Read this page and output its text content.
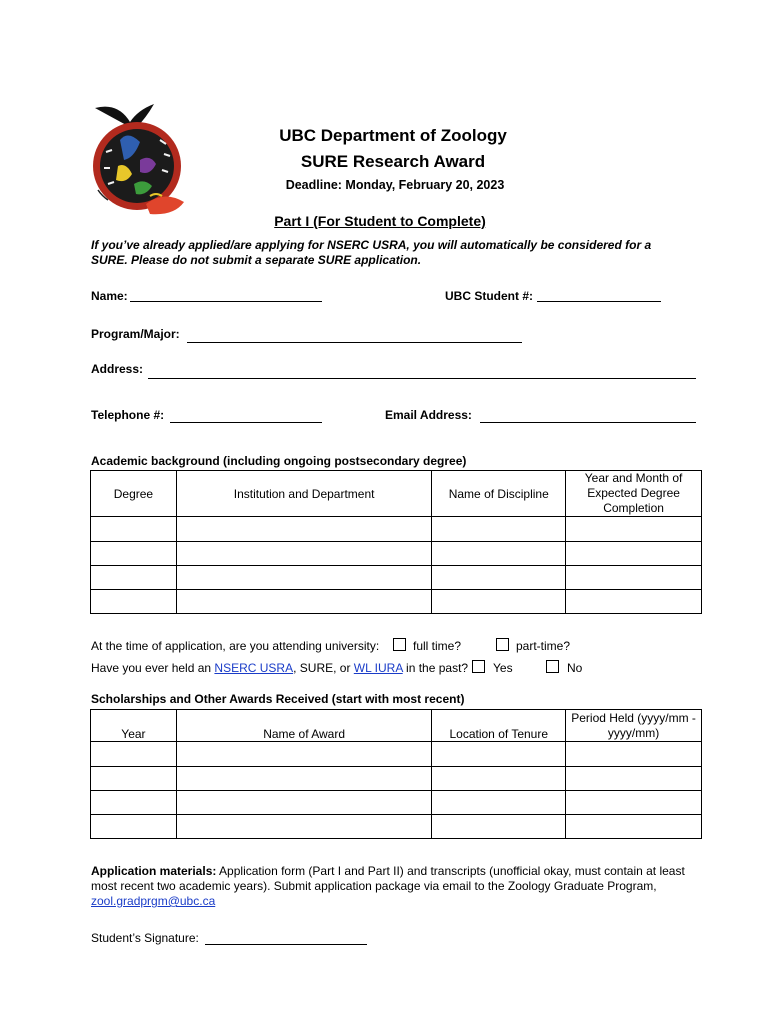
UBC Department of Zoology
SURE Research Award
Deadline: Monday, February 20, 2023
Part I (For Student to Complete)
If you’ve already applied/are applying for NSERC USRA, you will automatically be considered for a SURE. Please do not submit a separate SURE application.
Name:	UBC Student #:
Program/Major:
Address:
Telephone #:	Email Address:
Academic background (including ongoing postsecondary degree)
Degree	Institution and Department	Name of Discipline	Year and Month of Expected Degree Completion

At the time of application, are you attending university:	full time?	part-time?
Have you ever held an NSERC USRA, SURE, or WL IURA in the past? Yes	No
Scholarships and Other Awards Received (start with most recent)
Year	Name of Award	Location of Tenure	Period Held (yyyy/mm - yyyy/mm)

Application materials: Application form (Part I and Part II) and transcripts (unofficial okay, must contain at least most recent two academic years). Submit application package via email to the Zoology Graduate Program, zool.gradprgm@ubc.ca
Student’s Signature:
